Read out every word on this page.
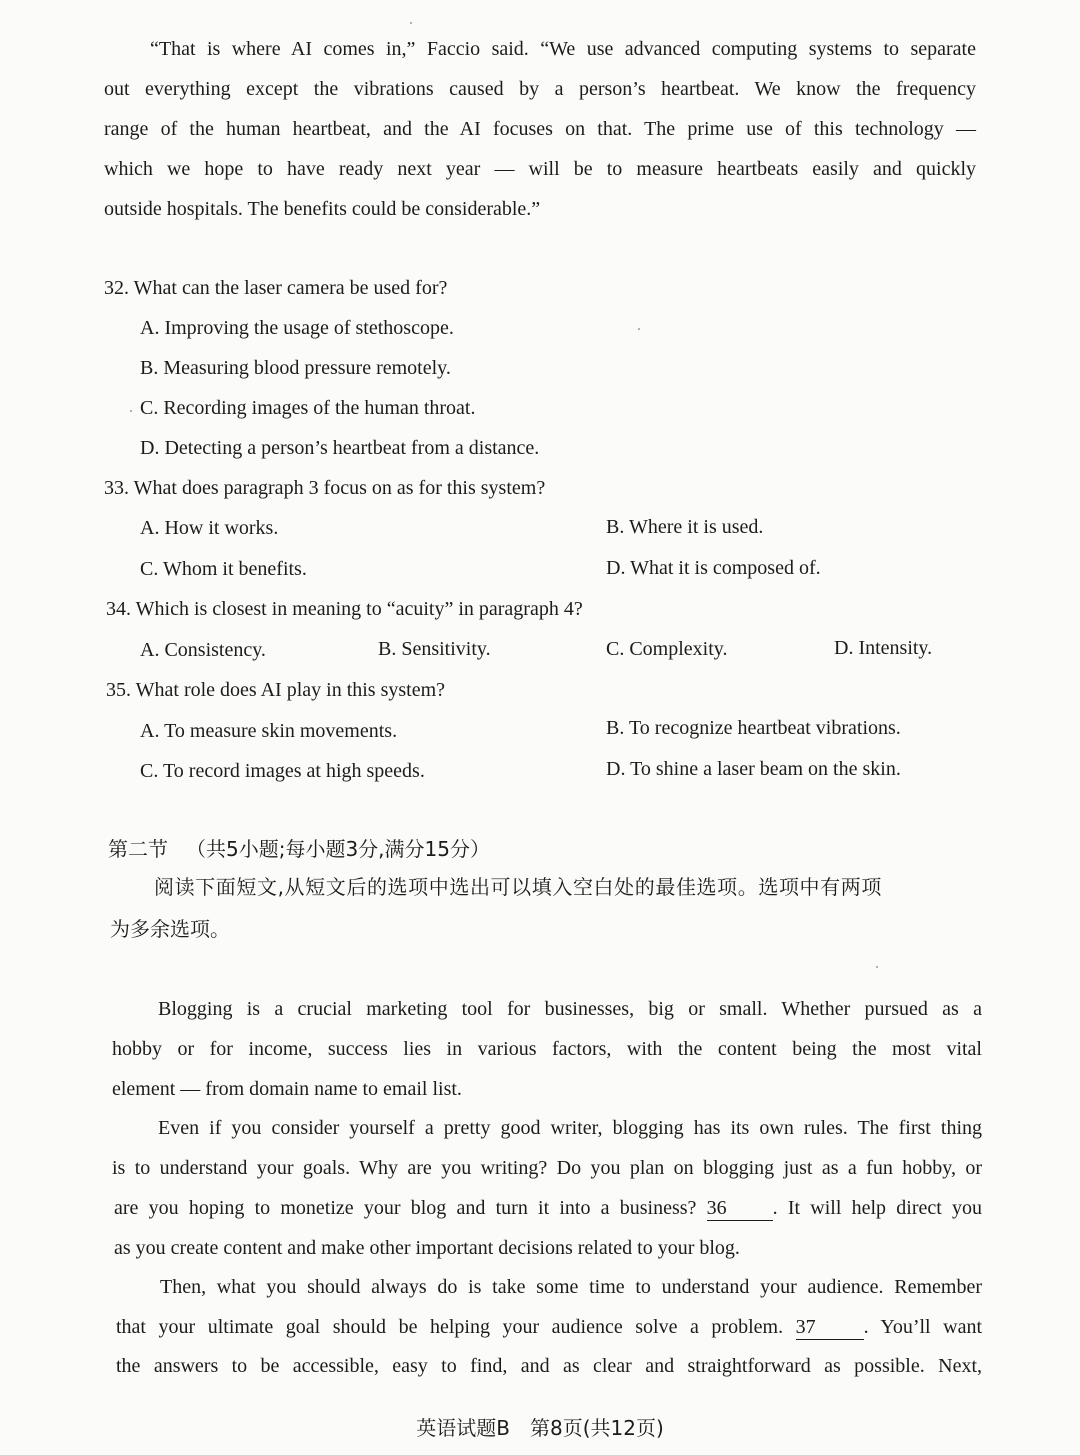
“That is where AI comes in,” Faccio said. “We use advanced computing systems to separate

out everything except the vibrations caused by a person’s heartbeat. We know the frequency

range of the human heartbeat, and the AI focuses on that. The prime use of this technology —

which we hope to have ready next year — will be to measure heartbeats easily and quickly

outside hospitals. The benefits could be considerable.”

32. What can the laser camera be used for?

A. Improving the usage of stethoscope.

B. Measuring blood pressure remotely.

C. Recording images of the human throat.

D. Detecting a person’s heartbeat from a distance.

33. What does paragraph 3 focus on as for this system?

A. How it works.	B. Where it is used.

C. Whom it benefits.	D. What it is composed of.

34. Which is closest in meaning to “acuity” in paragraph 4?

A. Consistency.	B. Sensitivity.	C. Complexity.	D. Intensity.

35. What role does AI play in this system?

A. To measure skin movements.	B. To recognize heartbeat vibrations.

C. To record images at high speeds.	D. To shine a laser beam on the skin.

第二节 （共5小题;每小题3分,满分15分）

阅读下面短文,从短文后的选项中选出可以填入空白处的最佳选项。选项中有两项

为多余选项。

Blogging is a crucial marketing tool for businesses, big or small. Whether pursued as a

hobby or for income, success lies in various factors, with the content being the most vital

element — from domain name to email list.

Even if you consider yourself a pretty good writer, blogging has its own rules. The first thing

is to understand your goals. Why are you writing? Do you plan on blogging just as a fun hobby, or

are you hoping to monetize your blog and turn it into a business? 36 . It will help direct you

as you create content and make other important decisions related to your blog.

Then, what you should always do is take some time to understand your audience. Remember

that your ultimate goal should be helping your audience solve a problem. 37 . You’ll want

the answers to be accessible, easy to find, and as clear and straightforward as possible. Next,

英语试题B　第8页(共12页)
